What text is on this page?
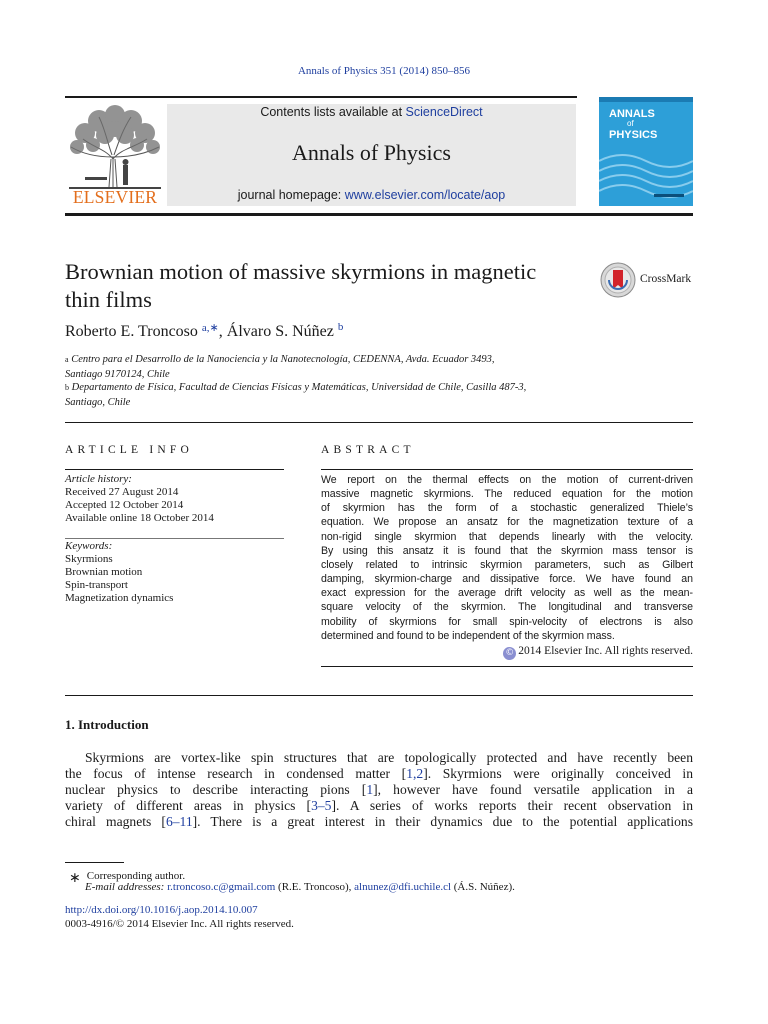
Annals of Physics 351 (2014) 850–856
ELSEVIER
Contents lists available at ScienceDirect
Annals of Physics
journal homepage: www.elsevier.com/locate/aop
ANNALS
of
PHYSICS
Brownian motion of massive skyrmions in magnetic thin films
CrossMark
Roberto E. Troncoso $^{a,∗}$, Álvaro S. Núñez $^b$
$^a$ Centro para el Desarrollo de la Nanociencia y la Nanotecnología, CEDENNA, Avda. Ecuador 3493,
Santiago 9170124, Chile
$^b$ Departamento de Física, Facultad de Ciencias Físicas y Matemáticas, Universidad de Chile, Casilla 487-3,
Santiago, Chile
ARTICLE INFO
Article history:
Received 27 August 2014
Accepted 12 October 2014
Available online 18 October 2014
Keywords:
Skyrmions
Brownian motion
Spin-transport
Magnetization dynamics
ABSTRACT
We report on the thermal effects on the motion of current-driven
massive magnetic skyrmions. The reduced equation for the motion
of skyrmion has the form of a stochastic generalized Thiele’s
equation. We propose an ansatz for the magnetization texture of a
non-rigid single skyrmion that depends linearly with the velocity.
By using this ansatz it is found that the skyrmion mass tensor is
closely related to intrinsic skyrmion parameters, such as Gilbert
damping, skyrmion-charge and dissipative force. We have found an
exact expression for the average drift velocity as well as the mean-
square velocity of the skyrmion. The longitudinal and transverse
mobility of skyrmions for small spin-velocity of electrons is also
determined and found to be independent of the skyrmion mass.
© 2014 Elsevier Inc. All rights reserved.
1. Introduction
Skyrmions are vortex-like spin structures that are topologically protected and have recently been
the focus of intense research in condensed matter [1,2]. Skyrmions were originally conceived in
nuclear physics to describe interacting pions [1], however have found versatile application in a
variety of different areas in physics [3–5]. A series of works reports their recent observation in
chiral magnets [6–11]. There is a great interest in their dynamics due to the potential applications
∗ Corresponding author.
E-mail addresses: r.troncoso.c@gmail.com (R.E. Troncoso), alnunez@dfi.uchile.cl (Á.S. Núñez).
http://dx.doi.org/10.1016/j.aop.2014.10.007
0003-4916/© 2014 Elsevier Inc. All rights reserved.
